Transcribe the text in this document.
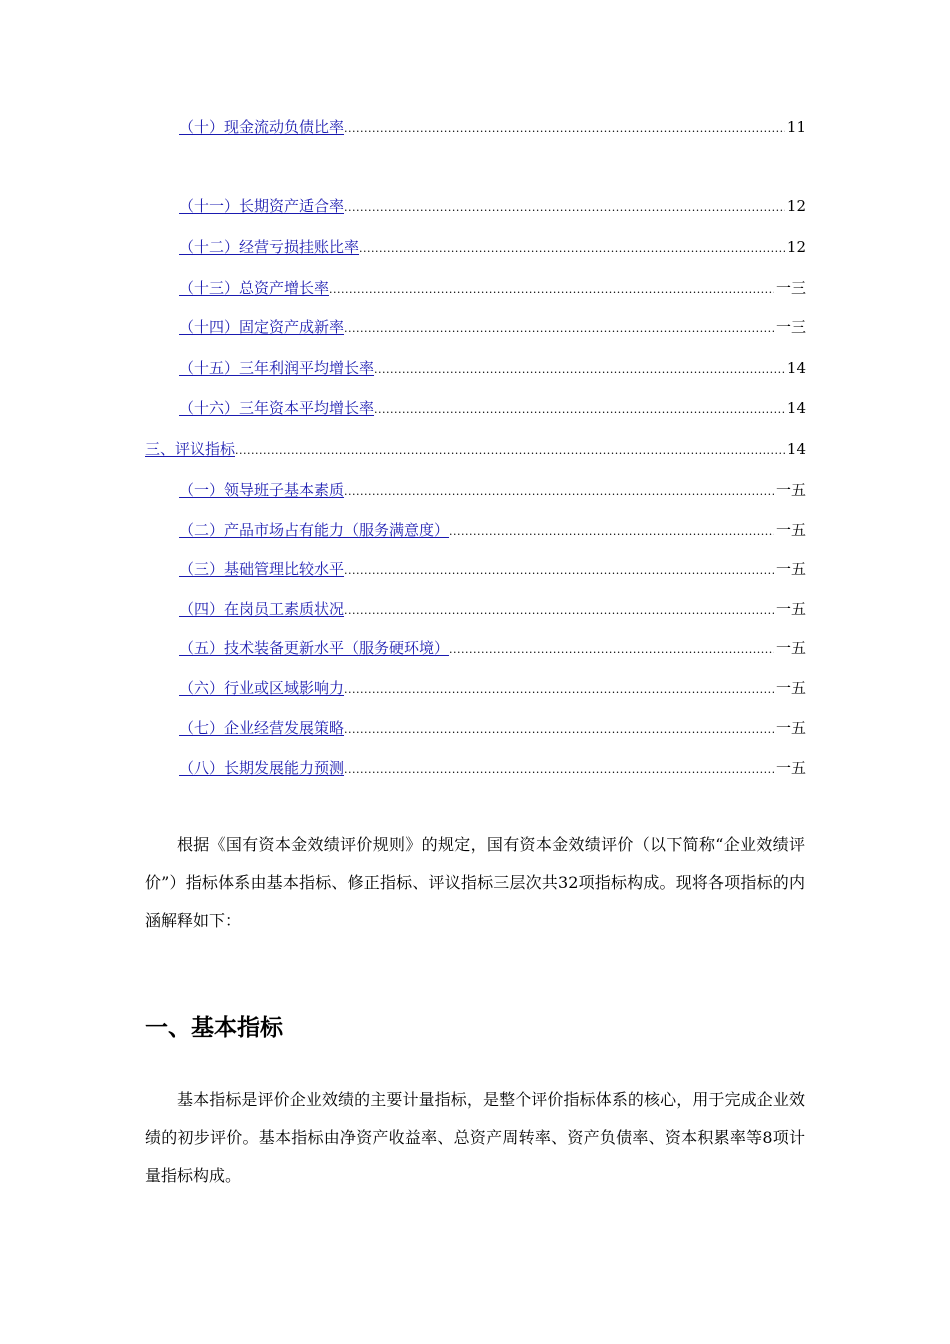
（十）现金流动负债比率 .....	11
（十一）长期资产适合率 .....	12
（十二）经营亏损挂账比率 .....	12
（十三）总资产增长率 .....	一三
（十四）固定资产成新率 .....	一三
（十五）三年利润平均增长率 .....	14
（十六）三年资本平均增长率 .....	14
三、评议指标 .....	14
（一）领导班子基本素质 .....	一五
（二）产品市场占有能力（服务满意度） .....	一五
（三）基础管理比较水平 .....	一五
（四）在岗员工素质状况 .....	一五
（五）技术装备更新水平（服务硬环境） .....	一五
（六）行业或区域影响力 .....	一五
（七）企业经营发展策略 .....	一五
（八）长期发展能力预测 .....	一五

根据《国有资本金效绩评价规则》的规定，国有资本金效绩评价（以下简称“企业效绩评价”）指标体系由基本指标、修正指标、评议指标三层次共32项指标构成。现将各项指标的内涵解释如下：

一、基本指标

基本指标是评价企业效绩的主要计量指标，是整个评价指标体系的核心，用于完成企业效绩的初步评价。基本指标由净资产收益率、总资产周转率、资产负债率、资本积累率等8项计量指标构成。
